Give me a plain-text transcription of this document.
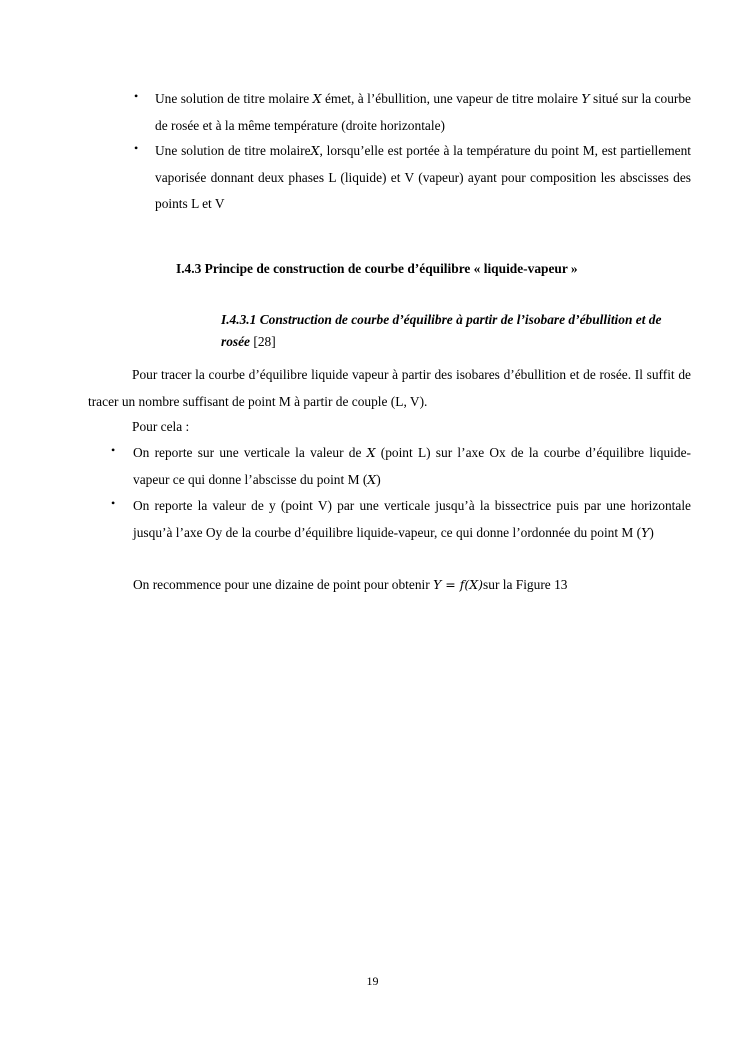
• Une solution de titre molaire X émet, à l’ébullition, une vapeur de titre molaire Y situé sur la courbe de rosée et à la même température (droite horizontale)
• Une solution de titre molaireX, lorsqu’elle est portée à la température du point M, est partiellement vaporisée donnant deux phases L (liquide) et V (vapeur) ayant pour composition les abscisses des points L et V
I.4.3 Principe de construction de courbe d’équilibre « liquide-vapeur »
I.4.3.1 Construction de courbe d’équilibre à partir de l’isobare d’ébullition et de rosée [28]
Pour tracer la courbe d’équilibre liquide vapeur à partir des isobares d’ébullition et de rosée. Il suffit de tracer un nombre suffisant de point M à partir de couple (L, V).
Pour cela :
• On reporte sur une verticale la valeur de X (point L) sur l’axe Ox de la courbe d’équilibre liquide- vapeur ce qui donne l’abscisse du point M (X)
• On reporte la valeur de y (point V) par une verticale jusqu’à la bissectrice puis par une horizontale jusqu’à l’axe Oy de la courbe d’équilibre liquide-vapeur, ce qui donne l’ordonnée du point M (Y)
On recommence pour une dizaine de point pour obtenir Y = f(X)sur la Figure 13
19
